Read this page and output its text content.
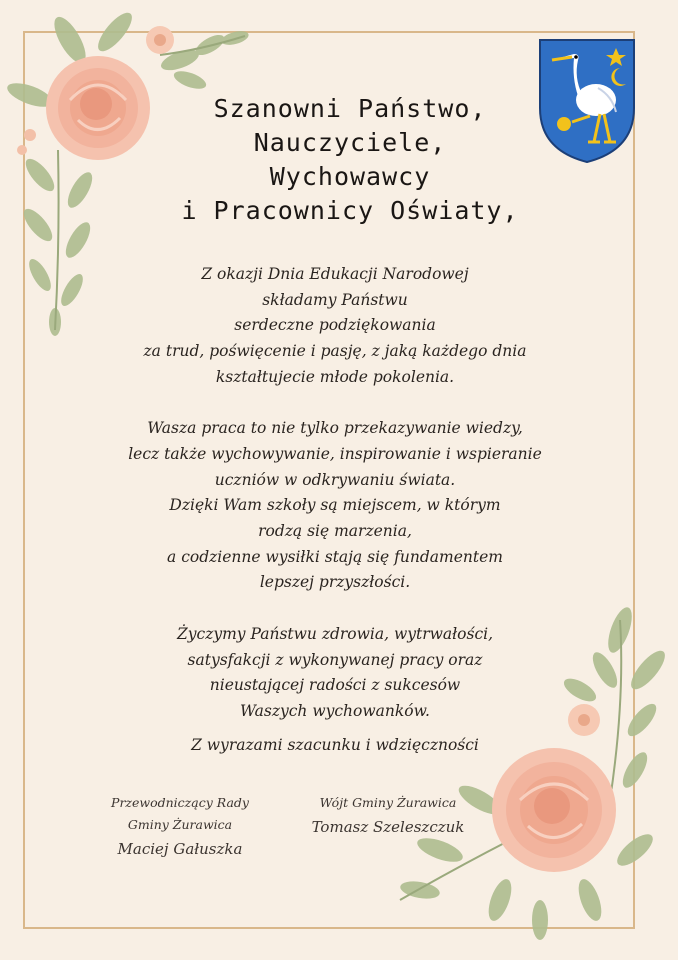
Szanowni Państwo,
Nauczyciele,
Wychowawcy
i Pracownicy Oświaty,
Z okazji Dnia Edukacji Narodowej
składamy Państwu
serdeczne podziękowania
za trud, poświęcenie i pasję, z jaką każdego dnia
kształtujecie młode pokolenia.
Wasza praca to nie tylko przekazywanie wiedzy,
lecz także wychowywanie, inspirowanie i wspieranie
uczniów w odkrywaniu świata.
Dzięki Wam szkoły są miejscem, w którym
rodzą się marzenia,
a codzienne wysiłki stają się fundamentem
lepszej przyszłości.
Życzymy Państwu zdrowia, wytrwałości,
satysfakcji z wykonywanej pracy oraz
nieustającej radości z sukcesów
Waszych wychowanków.
Z wyrazami szacunku i wdzięczności
Przewodniczący Rady
Gminy Żurawica
Maciej Gałuszka
Wójt Gminy Żurawica
Tomasz Szeleszczuk
